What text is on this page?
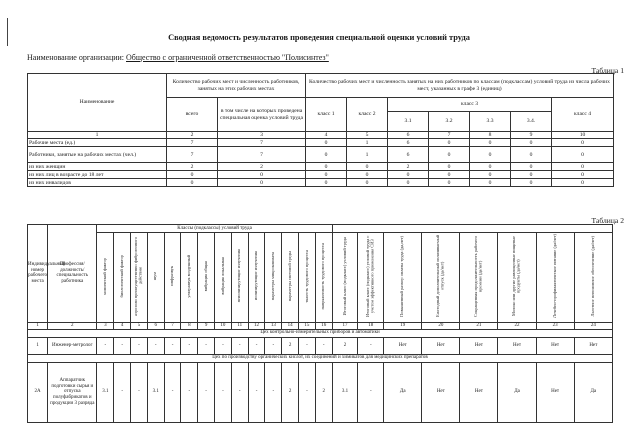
Сводная ведомость результатов проведения специальной оценки условий труда
Наименование организации: Общество с ограниченной ответственностью "Полисинтез"
Таблица 1
Наименование	Количество рабочих мест и численность работников, занятых на этих рабочих местах		Количество рабочих мест и численность занятых на них работников по классам (подклассам) условий труда из числа рабочих мест, указанных в графе 3 (единиц)						
	всего	в том числе на которых проведена специальная оценка условий труда	класс 1	класс 2	класс 3				класс 4
					3.1	3.2	3.3	3.4.	
1	2	3	4	5	6	7	8	9	10
Рабочие места (ед.)	7	7	0	1	6	0	0	0	0
Работники, занятые на рабочих местах (чел.)	7	7	0	1	6	0	0	0	0
из них женщин	2	2	0	0	2	0	0	0	0
из них лиц в возрасте до 18 лет	0	0	0	0	0	0	0	0	0
из них инвалидов	0	0	0	0	0	0	0	0	0
Таблица 2
Индивидуальный номер рабочего места	Профессия/должность/специальность работника	Классы (подклассы) условий труда																					
		химический фактор	биологический фактор	аэрозоли преимущественно фиброгенного действия	шум	инфразвук	ультразвук воздушный	вибрация общая	вибрация локальная	неионизирующие излучения	ионизирующие излучения	параметры микроклимата	параметры световой среды	тяжесть трудового процесса	напряженность трудового процесса	Итоговый класс (подкласс) условий труда	Итоговый класс (подкласс) условий труда с учетом эффективного применения СИЗ	Повышенный размер оплаты труда (да,нет)	Ежегодный дополнительный оплачиваемый отпуск (да/нет)	Сокращенная продолжительность рабочего времени (да/нет)	Молоко или другие равноценные пищевые продукты (да/нет)	Лечебно-профилактическое питание (да/нет)	Льготное пенсионное обеспечение (да/нет)
1	2	3	4	5	6	7	8	9	10	11	12	13	14	15	16	17	18	19	20	21	22	23	24
Цех контрольно-измерительных приборов и автоматики																							
1	Инженер-метролог	-	-	-	-	-	-	-	-	-	-	-	2	-	-	2	-	Нет	Нет	Нет	Нет	Нет	Нет
Цех по производству органических кислот, их соединений и химикатов для медицинских препаратов																							
2А	Аппаратчик подготовки сырья и отпуска полуфабрикатов и продукции 3 разряда	3.1	-	-	3.1	-	-	-	-	-	-	-	2	-	2	3.1	-	Да	Нет	Нет	Да	Нет	Да
